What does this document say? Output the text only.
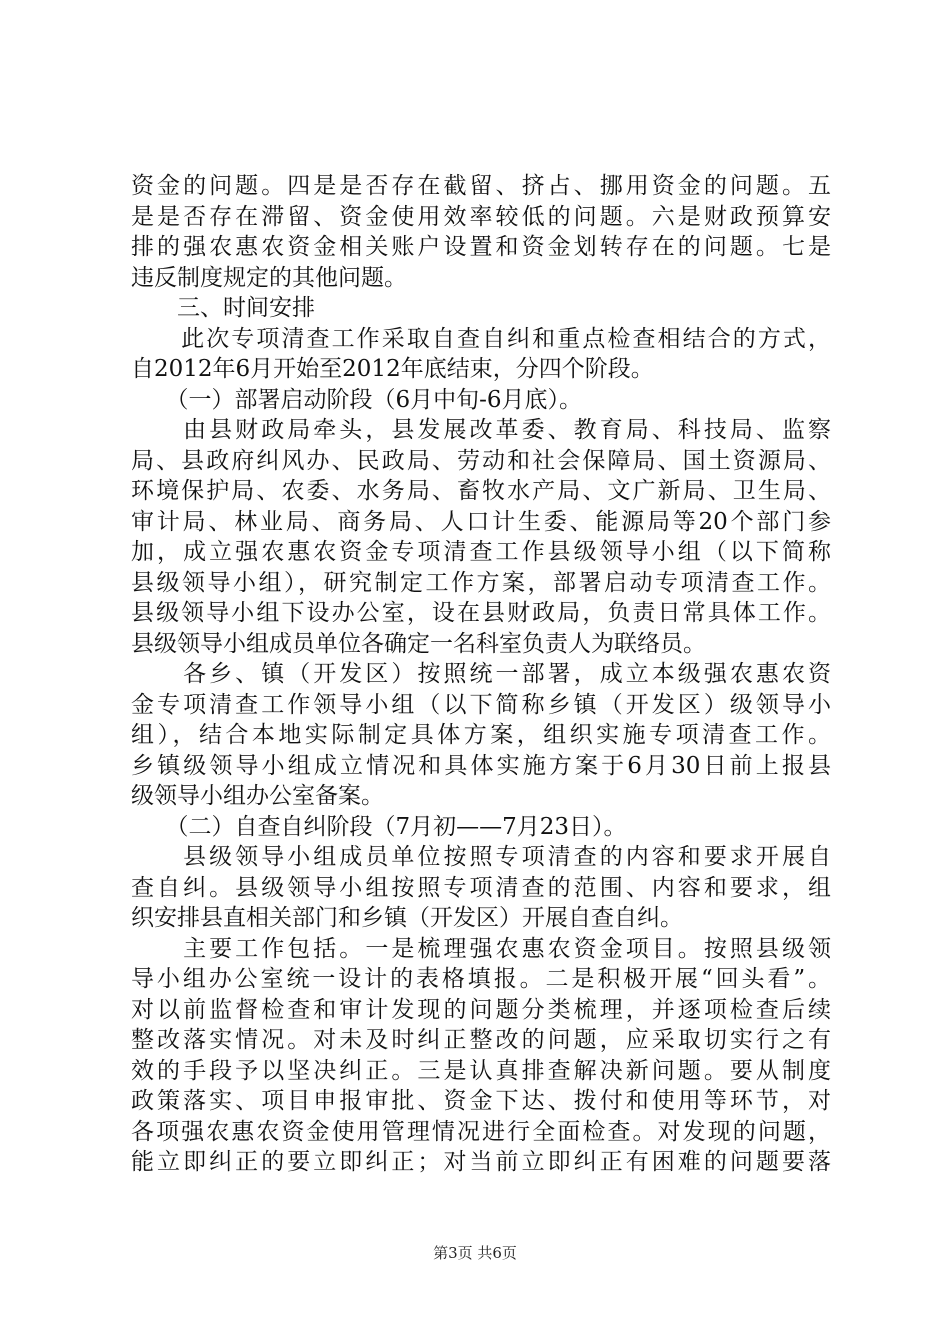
资金的问题。四是是否存在截留、挤占、挪用资金的问题。五
是是否存在滞留、资金使用效率较低的问题。六是财政预算安
排的强农惠农资金相关账户设置和资金划转存在的问题。七是
违反制度规定的其他问题。
　　三、时间安排
　　此次专项清查工作采取自查自纠和重点检查相结合的方式，
自2012年6月开始至2012年底结束，分四个阶段。
　　（一）部署启动阶段（6月中旬-6月底）。
　　由县财政局牵头，县发展改革委、教育局、科技局、监察
局、县政府纠风办、民政局、劳动和社会保障局、国土资源局、
环境保护局、农委、水务局、畜牧水产局、文广新局、卫生局、
审计局、林业局、商务局、人口计生委、能源局等20个部门参
加，成立强农惠农资金专项清查工作县级领导小组（以下简称
县级领导小组），研究制定工作方案，部署启动专项清查工作。
县级领导小组下设办公室，设在县财政局，负责日常具体工作。
县级领导小组成员单位各确定一名科室负责人为联络员。
　　各乡、镇（开发区）按照统一部署，成立本级强农惠农资
金专项清查工作领导小组（以下简称乡镇（开发区）级领导小
组），结合本地实际制定具体方案，组织实施专项清查工作。
乡镇级领导小组成立情况和具体实施方案于6月30日前上报县
级领导小组办公室备案。
　　（二）自查自纠阶段（7月初——7月23日）。
　　县级领导小组成员单位按照专项清查的内容和要求开展自
查自纠。县级领导小组按照专项清查的范围、内容和要求，组
织安排县直相关部门和乡镇（开发区）开展自查自纠。
　　主要工作包括。一是梳理强农惠农资金项目。按照县级领
导小组办公室统一设计的表格填报。二是积极开展“回头看”。
对以前监督检查和审计发现的问题分类梳理，并逐项检查后续
整改落实情况。对未及时纠正整改的问题，应采取切实行之有
效的手段予以坚决纠正。三是认真排查解决新问题。要从制度
政策落实、项目申报审批、资金下达、拨付和使用等环节，对
各项强农惠农资金使用管理情况进行全面检查。对发现的问题，
能立即纠正的要立即纠正；对当前立即纠正有困难的问题要落
第3页 共6页
